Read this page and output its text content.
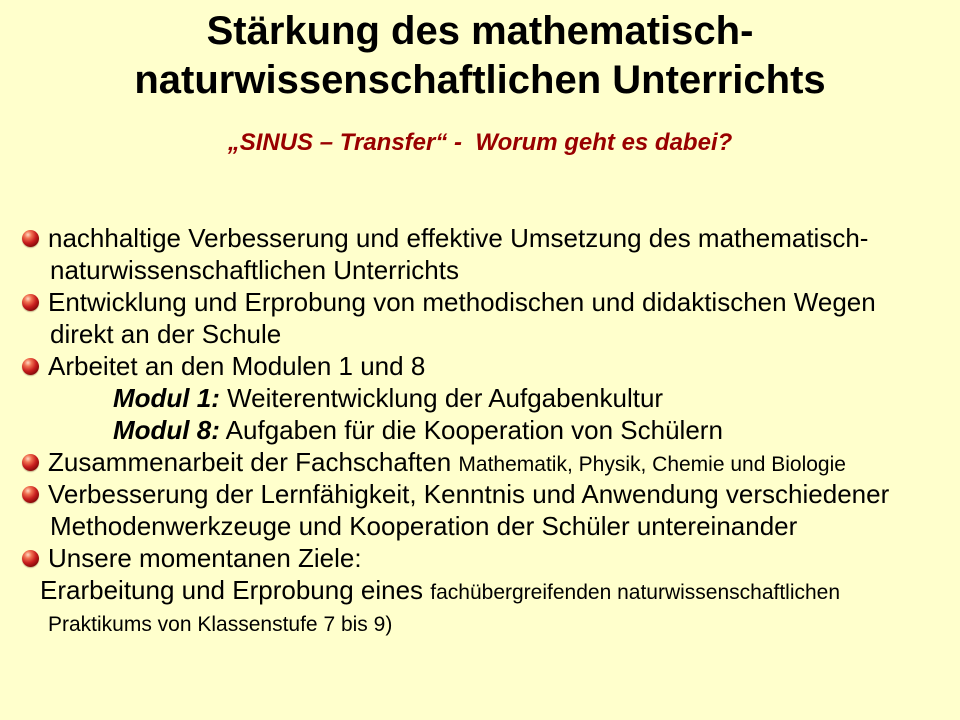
Stärkung des mathematisch-
naturwissenschaftlichen Unterrichts
„SINUS – Transfer“ -  Worum geht es dabei?
nachhaltige Verbesserung und effektive Umsetzung des mathematisch-
naturwissenschaftlichen Unterrichts
Entwicklung und Erprobung von methodischen und didaktischen Wegen
direkt an der Schule
Arbeitet an den Modulen 1 und 8
Modul 1: Weiterentwicklung der Aufgabenkultur
Modul 8: Aufgaben für die Kooperation von Schülern
Zusammenarbeit der Fachschaften Mathematik, Physik, Chemie und Biologie
Verbesserung der Lernfähigkeit, Kenntnis und Anwendung verschiedener
Methodenwerkzeuge und Kooperation der Schüler untereinander
Unsere momentanen Ziele:
Erarbeitung und Erprobung eines fachübergreifenden naturwissenschaftlichen
Praktikums von Klassenstufe 7 bis 9)
